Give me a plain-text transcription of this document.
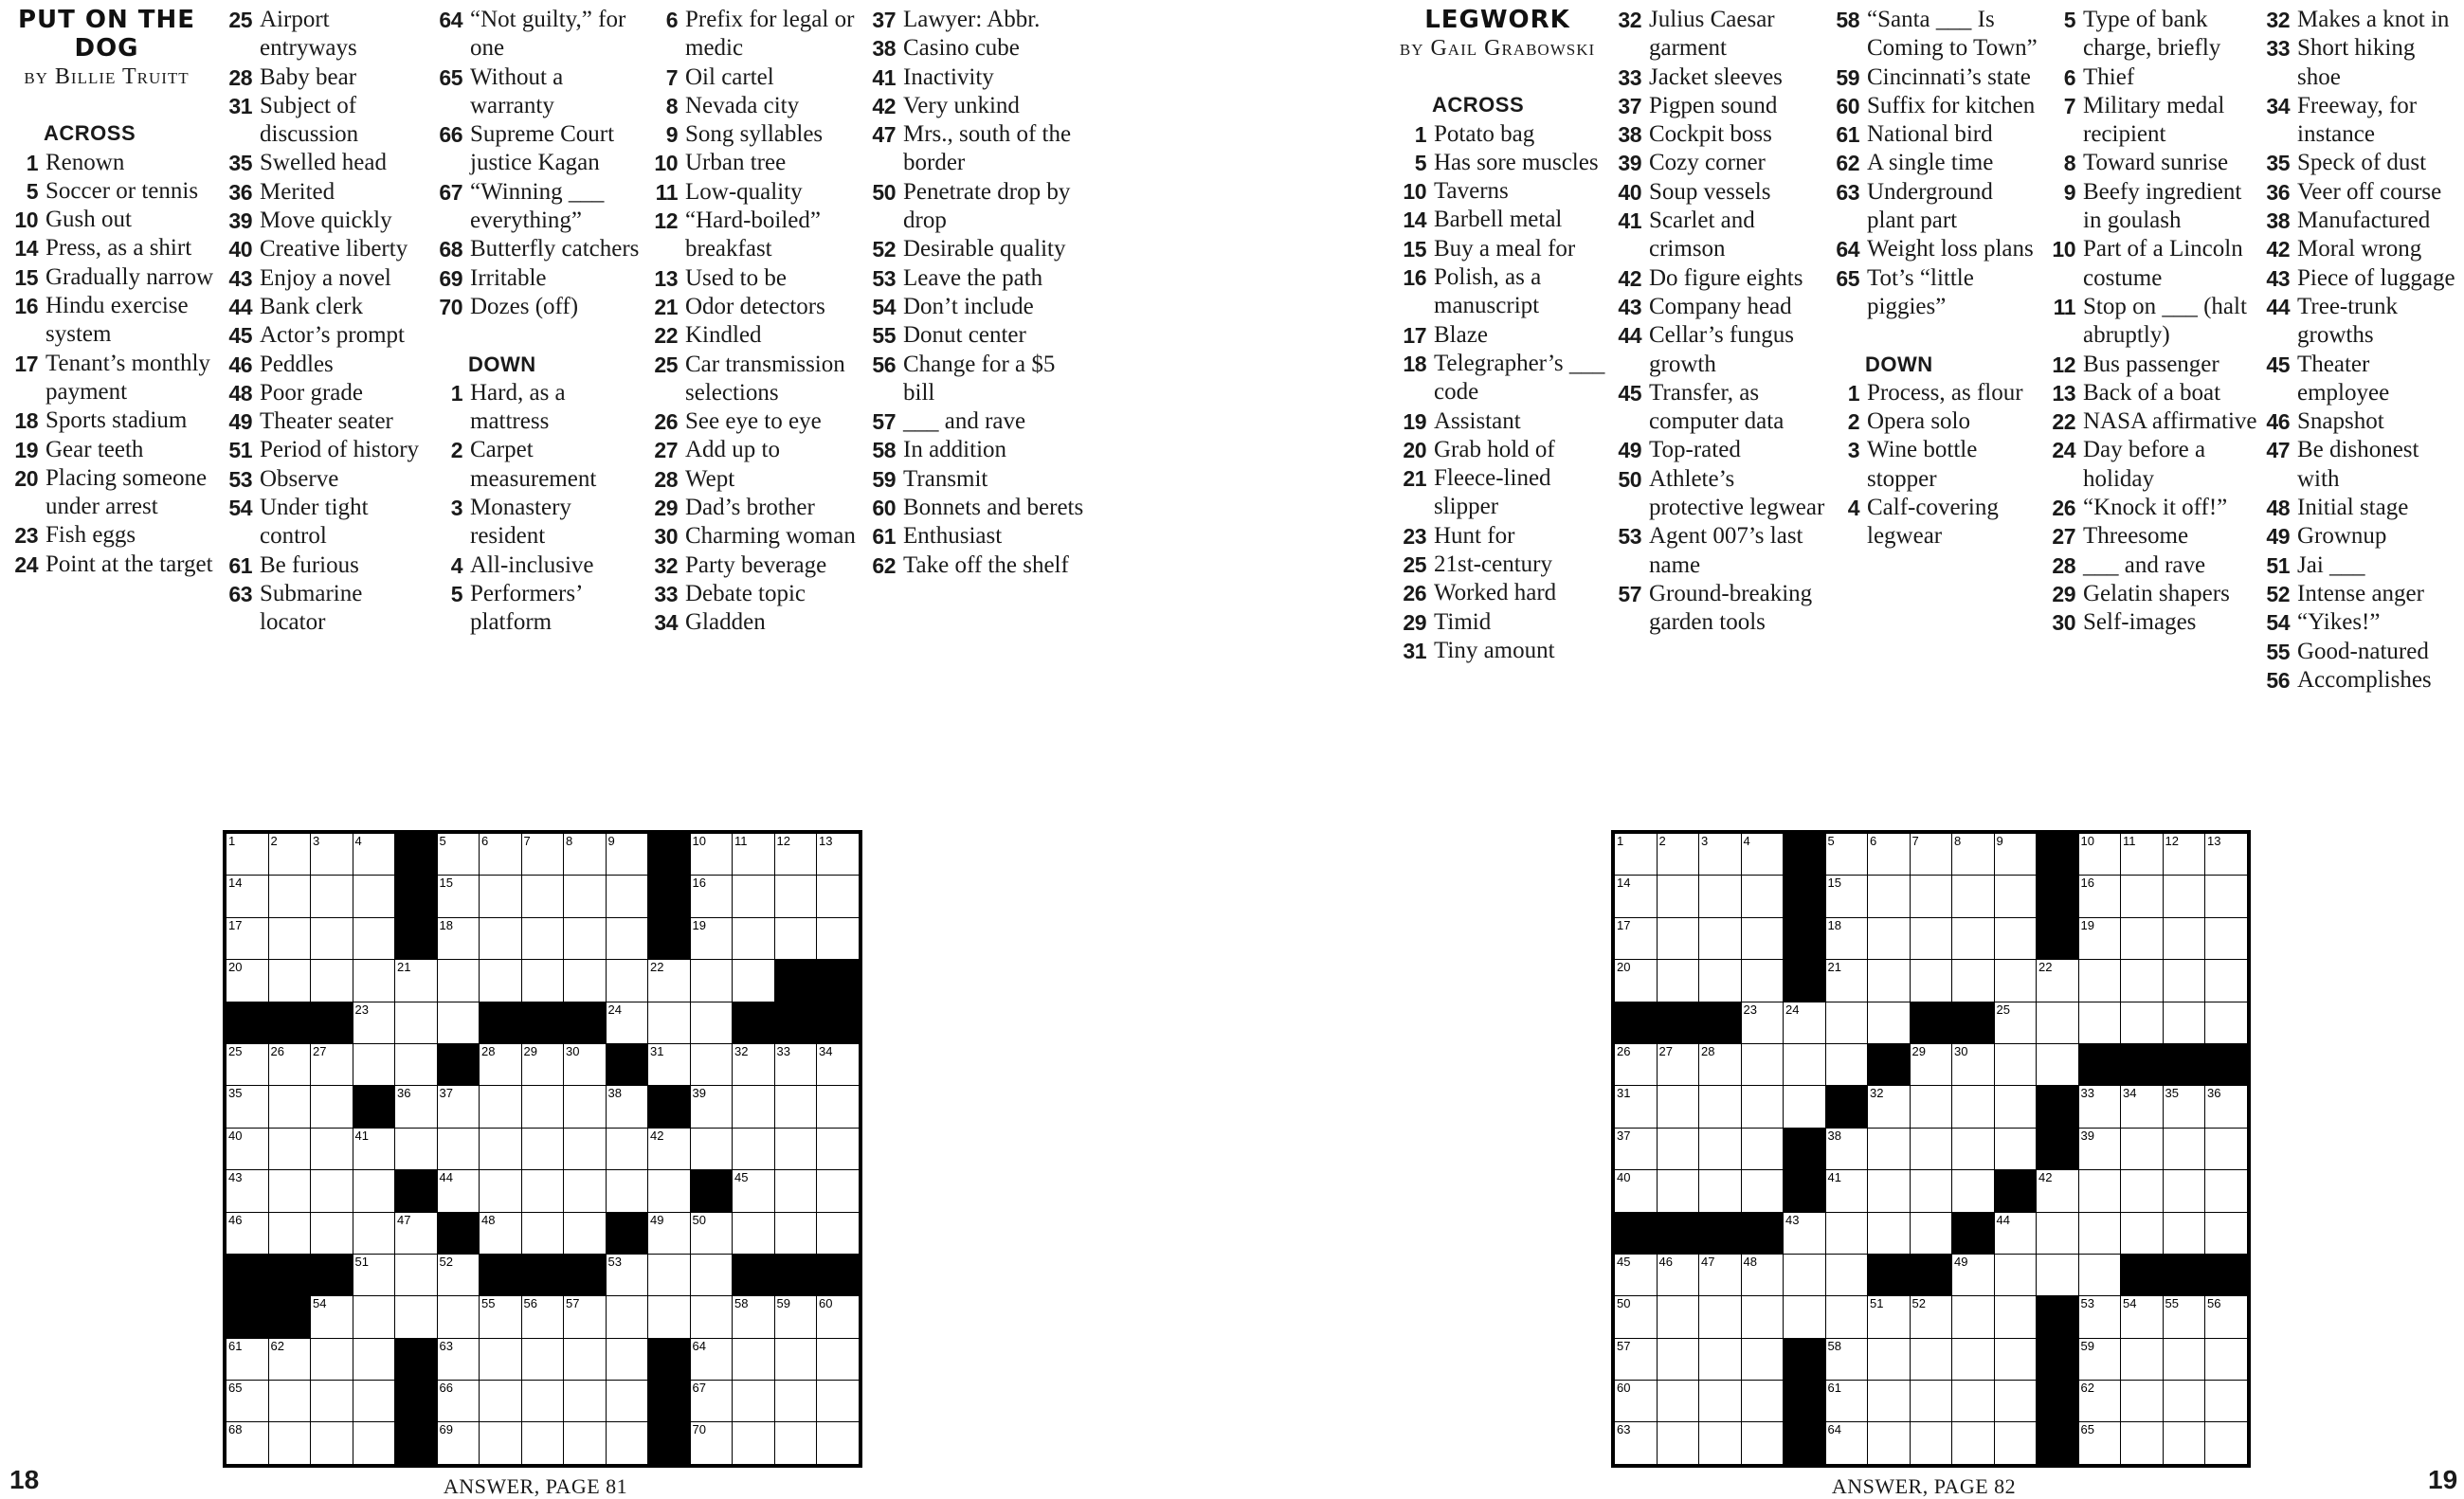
PUT ON THE DOG
by Billie Truitt
ACROSS
1 Renown
5 Soccer or tennis
10 Gush out
14 Press, as a shirt
15 Gradually narrow
16 Hindu exercise system
17 Tenant’s monthly payment
18 Sports stadium
19 Gear teeth
20 Placing someone under arrest
23 Fish eggs
24 Point at the target
25 Airport entryways
28 Baby bear
31 Subject of discussion
35 Swelled head
36 Merited
39 Move quickly
40 Creative liberty
43 Enjoy a novel
44 Bank clerk
45 Actor’s prompt
46 Peddles
48 Poor grade
49 Theater seater
51 Period of history
53 Observe
54 Under tight control
61 Be furious
63 Submarine locator
64 “Not guilty,” for one
65 Without a warranty
66 Supreme Court justice Kagan
67 “Winning ___ everything”
68 Butterfly catchers
69 Irritable
70 Dozes (off)
DOWN
1 Hard, as a mattress
2 Carpet measurement
3 Monastery resident
4 All-inclusive
5 Performers’ platform
6 Prefix for legal or medic
7 Oil cartel
8 Nevada city
9 Song syllables
10 Urban tree
11 Low-quality
12 “Hard-boiled” breakfast
13 Used to be
21 Odor detectors
22 Kindled
25 Car transmission selections
26 See eye to eye
27 Add up to
28 Wept
29 Dad’s brother
30 Charming woman
32 Party beverage
33 Debate topic
34 Gladden
37 Lawyer: Abbr.
38 Casino cube
41 Inactivity
42 Very unkind
47 Mrs., south of the border
50 Penetrate drop by drop
52 Desirable quality
53 Leave the path
54 Don’t include
55 Donut center
56 Change for a $5 bill
57 ___ and rave
58 In addition
59 Transmit
60 Bonnets and berets
61 Enthusiast
62 Take off the shelf
1	2	3	4	5	6	7	8	9	10 11 12 13
14	15	16
17	18	19
20	21	22
23	24
25 26 27	28 29 30	31	32 33 34
35	36 37	38	39
40	41	42
43	44	45
46	47	48	49 50
51	52	53
54	55 56 57	58 59 60
61 62	63	64
65	66	67
68	69	70
ANSWER, PAGE 81
18
LEGWORK
by Gail Grabowski
ACROSS
1 Potato bag
5 Has sore muscles
10 Taverns
14 Barbell metal
15 Buy a meal for
16 Polish, as a manuscript
17 Blaze
18 Telegrapher’s ___ code
19 Assistant
20 Grab hold of
21 Fleece-lined slipper
23 Hunt for
25 21st-century
26 Worked hard
29 Timid
31 Tiny amount
32 Julius Caesar garment
33 Jacket sleeves
37 Pigpen sound
38 Cockpit boss
39 Cozy corner
40 Soup vessels
41 Scarlet and crimson
42 Do figure eights
43 Company head
44 Cellar’s fungus growth
45 Transfer, as computer data
49 Top-rated
50 Athlete’s protective legwear
53 Agent 007’s last name
57 Ground-breaking garden tools
58 “Santa ___ Is Coming to Town”
59 Cincinnati’s state
60 Suffix for kitchen
61 National bird
62 A single time
63 Underground plant part
64 Weight loss plans
65 Tot’s “little piggies”
DOWN
1 Process, as flour
2 Opera solo
3 Wine bottle stopper
4 Calf-covering legwear
5 Type of bank charge, briefly
6 Thief
7 Military medal recipient
8 Toward sunrise
9 Beefy ingredient in goulash
10 Part of a Lincoln costume
11 Stop on ___ (halt abruptly)
12 Bus passenger
13 Back of a boat
22 NASA affirmative
24 Day before a holiday
26 “Knock it off!”
27 Threesome
28 ___ and rave
29 Gelatin shapers
30 Self-images
32 Makes a knot in
33 Short hiking shoe
34 Freeway, for instance
35 Speck of dust
36 Veer off course
38 Manufactured
42 Moral wrong
43 Piece of luggage
44 Tree-trunk growths
45 Theater employee
46 Snapshot
47 Be dishonest with
48 Initial stage
49 Grownup
51 Jai ___
52 Intense anger
54 “Yikes!”
55 Good-natured
56 Accomplishes
1	2	3	4	5	6	7	8	9	10 11 12 13
14	15	16
17	18	19
20	21	22
23 24	25
26 27 28	29 30
31	32	33 34 35 36
37	38	39
40	41	42
43	44
45 46 47 48	49
50	51 52	53 54 55 56
57	58	59
60	61	62
63	64	65
ANSWER, PAGE 82	19
